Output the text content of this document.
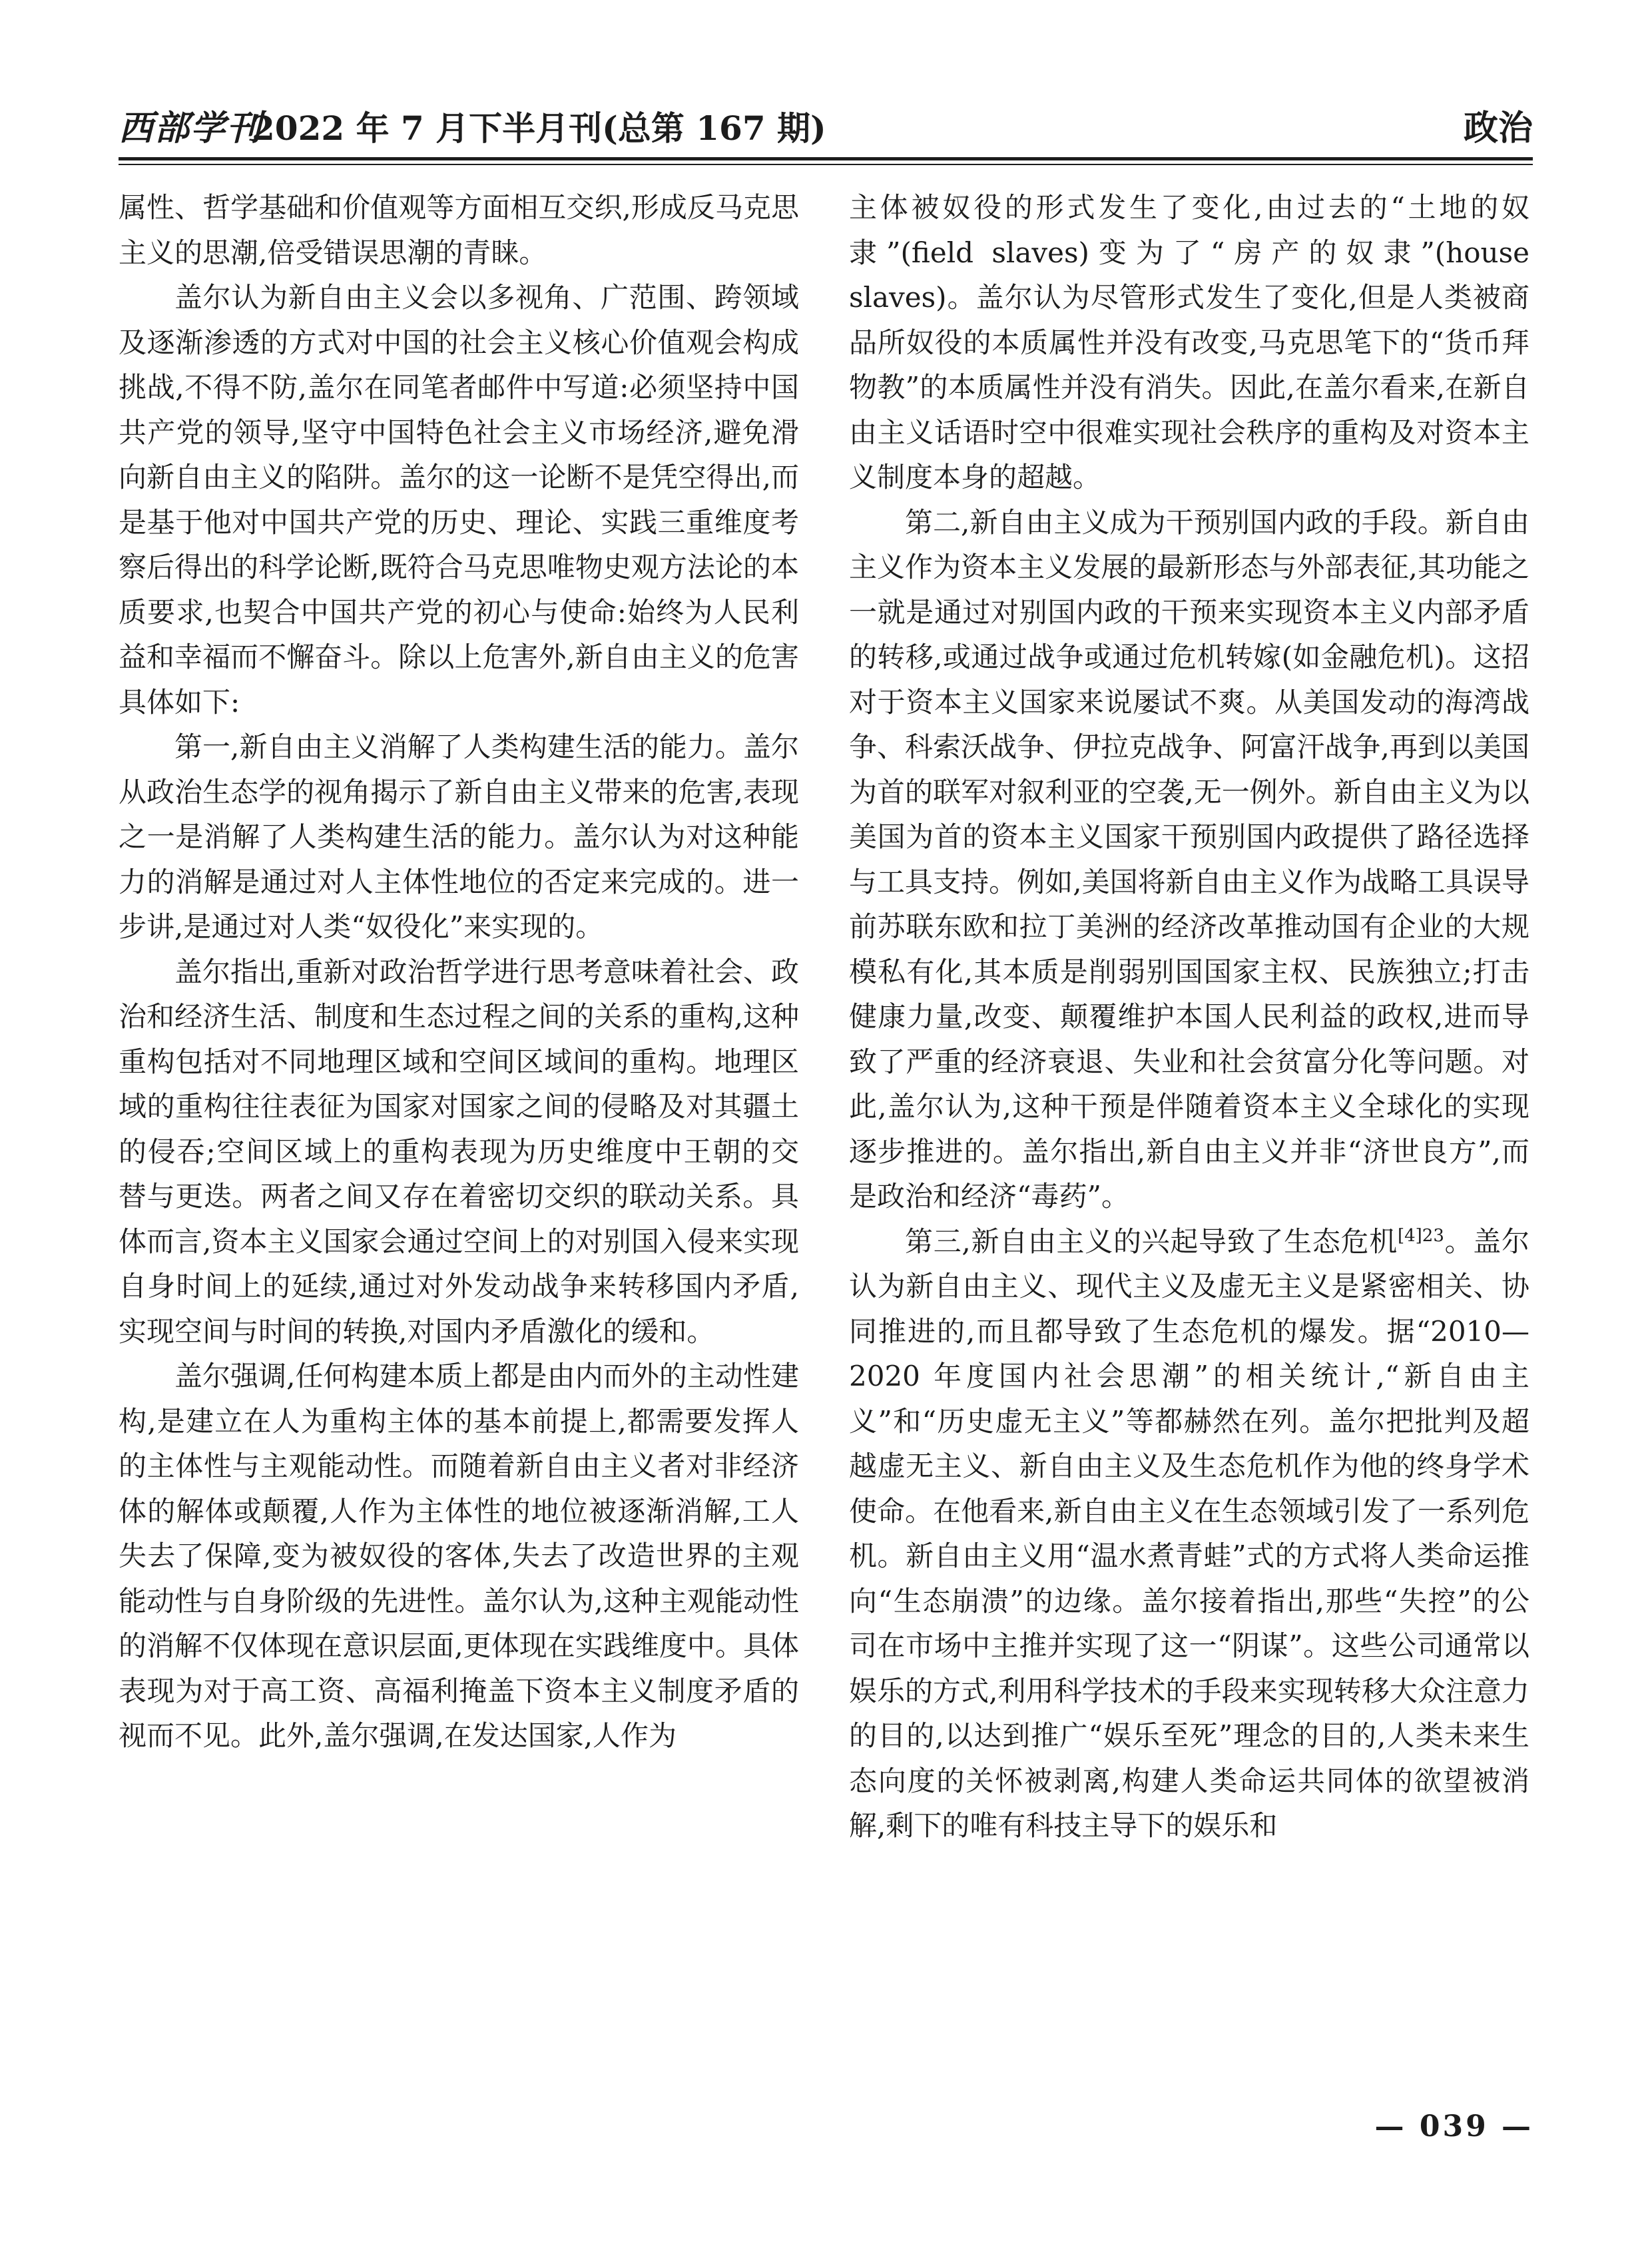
西部学刊
2022 年 7 月下半月刊(总第 167 期)	政治

属性、哲学基础和价值观等方面相互交织,形成反马克思主义的思潮,倍受错误思潮的青睐。

盖尔认为新自由主义会以多视角、广范围、跨领域及逐渐渗透的方式对中国的社会主义核心价值观会构成挑战,不得不防,盖尔在同笔者邮件中写道:必须坚持中国共产党的领导,坚守中国特色社会主义市场经济,避免滑向新自由主义的陷阱。盖尔的这一论断不是凭空得出,而是基于他对中国共产党的历史、理论、实践三重维度考察后得出的科学论断,既符合马克思唯物史观方法论的本质要求,也契合中国共产党的初心与使命:始终为人民利益和幸福而不懈奋斗。除以上危害外,新自由主义的危害具体如下:

第一,新自由主义消解了人类构建生活的能力。盖尔从政治生态学的视角揭示了新自由主义带来的危害,表现之一是消解了人类构建生活的能力。盖尔认为对这种能力的消解是通过对人主体性地位的否定来完成的。进一步讲,是通过对人类“奴役化”来实现的。

盖尔指出,重新对政治哲学进行思考意味着社会、政治和经济生活、制度和生态过程之间的关系的重构,这种重构包括对不同地理区域和空间区域间的重构。地理区域的重构往往表征为国家对国家之间的侵略及对其疆土的侵吞;空间区域上的重构表现为历史维度中王朝的交替与更迭。两者之间又存在着密切交织的联动关系。具体而言,资本主义国家会通过空间上的对别国入侵来实现自身时间上的延续,通过对外发动战争来转移国内矛盾,实现空间与时间的转换,对国内矛盾激化的缓和。

盖尔强调,任何构建本质上都是由内而外的主动性建构,是建立在人为重构主体的基本前提上,都需要发挥人的主体性与主观能动性。而随着新自由主义者对非经济体的解体或颠覆,人作为主体性的地位被逐渐消解,工人失去了保障,变为被奴役的客体,失去了改造世界的主观能动性与自身阶级的先进性。盖尔认为,这种主观能动性的消解不仅体现在意识层面,更体现在实践维度中。具体表现为对于高工资、高福利掩盖下资本主义制度矛盾的视而不见。此外,盖尔强调,在发达国家,人作为

主体被奴役的形式发生了变化,由过去的“土地的奴隶”(field slaves)变为了“房产的奴隶”(house slaves)。盖尔认为尽管形式发生了变化,但是人类被商品所奴役的本质属性并没有改变,马克思笔下的“货币拜物教”的本质属性并没有消失。因此,在盖尔看来,在新自由主义话语时空中很难实现社会秩序的重构及对资本主义制度本身的超越。

第二,新自由主义成为干预别国内政的手段。新自由主义作为资本主义发展的最新形态与外部表征,其功能之一就是通过对别国内政的干预来实现资本主义内部矛盾的转移,或通过战争或通过危机转嫁(如金融危机)。这招对于资本主义国家来说屡试不爽。从美国发动的海湾战争、科索沃战争、伊拉克战争、阿富汗战争,再到以美国为首的联军对叙利亚的空袭,无一例外。新自由主义为以美国为首的资本主义国家干预别国内政提供了路径选择与工具支持。例如,美国将新自由主义作为战略工具误导前苏联东欧和拉丁美洲的经济改革推动国有企业的大规模私有化,其本质是削弱别国国家主权、民族独立;打击健康力量,改变、颠覆维护本国人民利益的政权,进而导致了严重的经济衰退、失业和社会贫富分化等问题。对此,盖尔认为,这种干预是伴随着资本主义全球化的实现逐步推进的。盖尔指出,新自由主义并非“济世良方”,而是政治和经济“毒药”。

第三,新自由主义的兴起导致了生态危机$^{[4]23}$。盖尔认为新自由主义、现代主义及虚无主义是紧密相关、协同推进的,而且都导致了生态危机的爆发。据“2010—2020 年度国内社会思潮”的相关统计,“新自由主义”和“历史虚无主义”等都赫然在列。盖尔把批判及超越虚无主义、新自由主义及生态危机作为他的终身学术使命。在他看来,新自由主义在生态领域引发了一系列危机。新自由主义用“温水煮青蛙”式的方式将人类命运推向“生态崩溃”的边缘。盖尔接着指出,那些“失控”的公司在市场中主推并实现了这一“阴谋”。这些公司通常以娱乐的方式,利用科学技术的手段来实现转移大众注意力的目的,以达到推广“娱乐至死”理念的目的,人类未来生态向度的关怀被剥离,构建人类命运共同体的欲望被消解,剩下的唯有科技主导下的娱乐和

— 039 —
